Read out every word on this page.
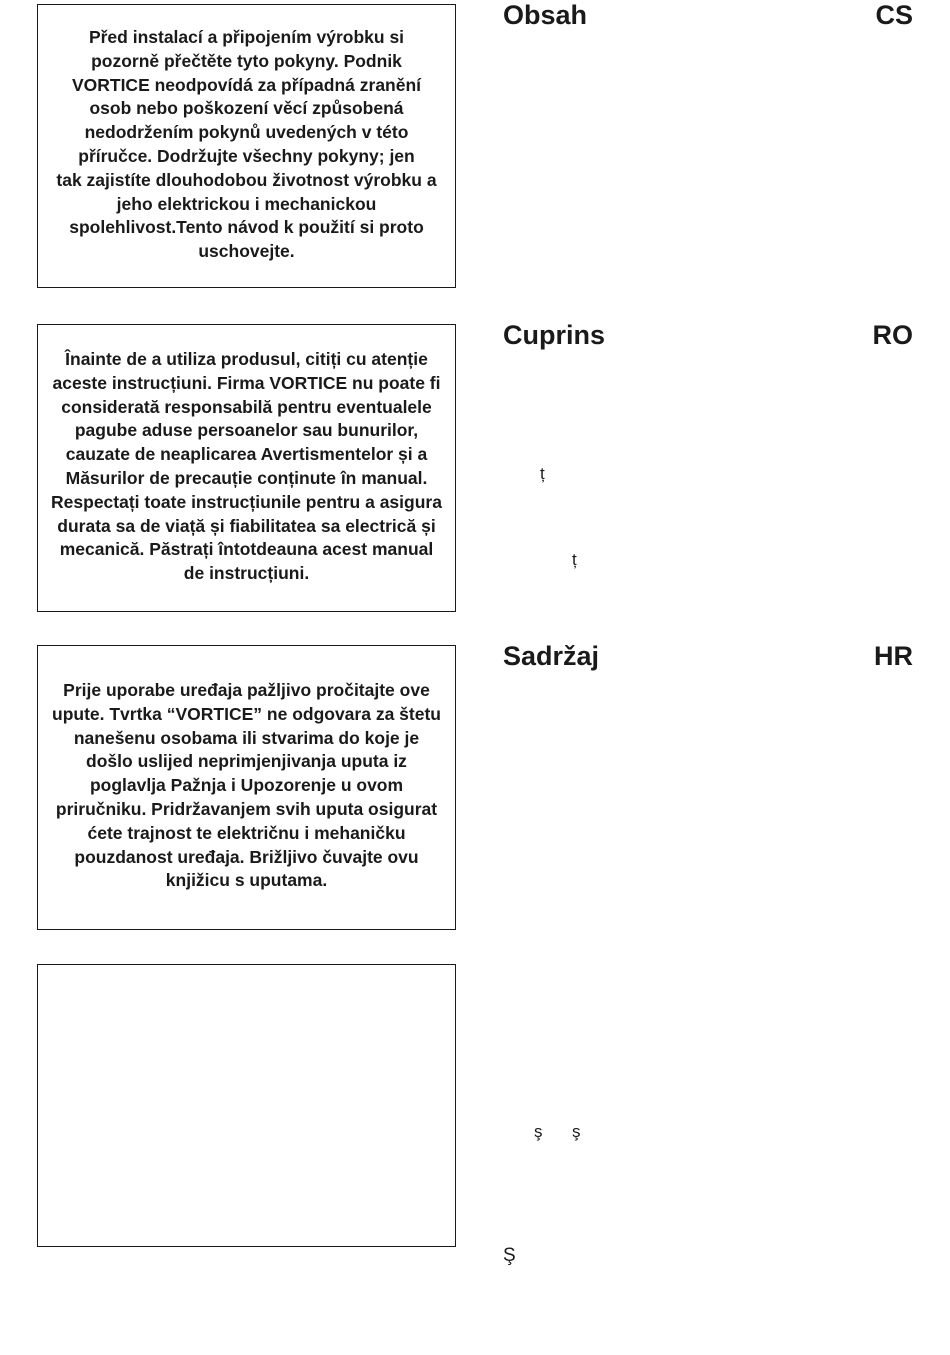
Před instalací a připojením výrobku si
pozorně přečtěte tyto pokyny. Podnik
VORTICE neodpovídá za případná zranění
osob nebo poškození věcí způsobená
nedodržením pokynů uvedených v této
příručce. Dodržujte všechny pokyny; jen
tak zajistíte dlouhodobou životnost výrobku a
jeho elektrickou i mechanickou
spolehlivost.Tento návod k použití si proto
uschovejte.

Înainte de a utiliza produsul, citiți cu atenție
aceste instrucțiuni. Firma VORTICE nu poate fi
considerată responsabilă pentru eventualele
pagube aduse persoanelor sau bunurilor,
cauzate de neaplicarea Avertismentelor și a
Măsurilor de precauție conținute în manual.
Respectați toate instrucțiunile pentru a asigura
durata sa de viață și fiabilitatea sa electrică și
mecanică. Păstrați întotdeauna acest manual
de instrucțiuni.

Prije uporabe uređaja pažljivo pročitajte ove
upute. Tvrtka “VORTICE” ne odgovara za štetu
nanešenu osobama ili stvarima do koje je
došlo uslijed neprimjenjivanja uputa iz
poglavlja Pažnja i Upozorenje u ovom
priručniku. Pridržavanjem svih uputa osigurat
ćete trajnost te električnu i mehaničku
pouzdanost uređaja. Brižljivo čuvajte ovu
knjižicu s uputama.

Obsah	CS
Cuprins	RO
Sadržaj	HR
ț
ț
ş ş
Ş
